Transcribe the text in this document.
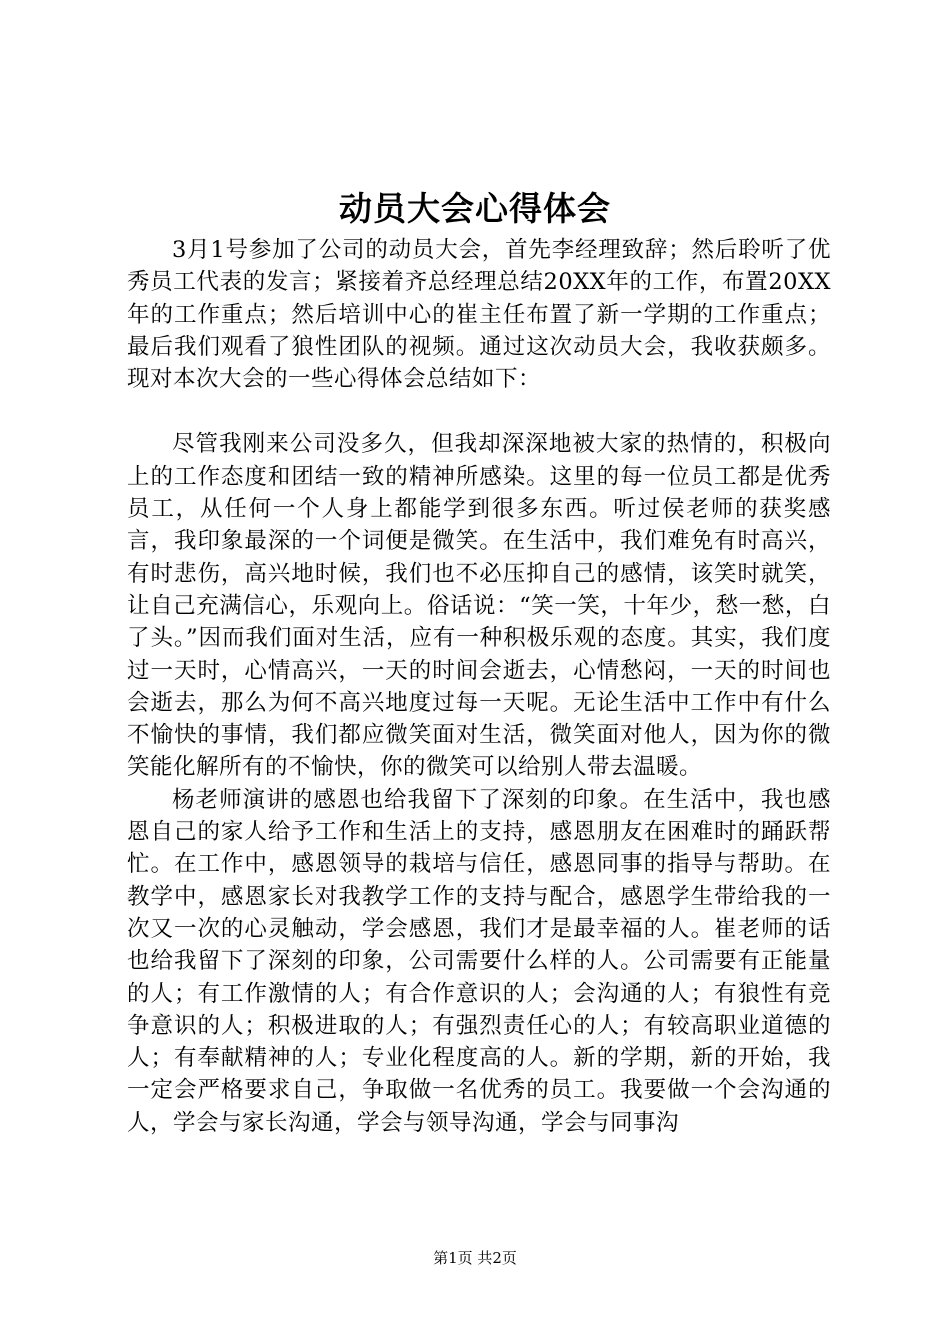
动员大会心得体会

3月1号参加了公司的动员大会，首先李经理致辞；然后聆听了优秀员工代表的发言；紧接着齐总经理总结20XX年的工作，布置20XX年的工作重点；然后培训中心的崔主任布置了新一学期的工作重点；最后我们观看了狼性团队的视频。通过这次动员大会，我收获颇多。现对本次大会的一些心得体会总结如下：

尽管我刚来公司没多久，但我却深深地被大家的热情的，积极向上的工作态度和团结一致的精神所感染。这里的每一位员工都是优秀员工，从任何一个人身上都能学到很多东西。听过侯老师的获奖感言，我印象最深的一个词便是微笑。在生活中，我们难免有时高兴，有时悲伤，高兴地时候，我们也不必压抑自己的感情，该笑时就笑，让自己充满信心，乐观向上。俗话说：“笑一笑，十年少，愁一愁，白了头。”因而我们面对生活，应有一种积极乐观的态度。其实，我们度过一天时，心情高兴，一天的时间会逝去，心情愁闷，一天的时间也会逝去，那么为何不高兴地度过每一天呢。无论生活中工作中有什么不愉快的事情，我们都应微笑面对生活，微笑面对他人，因为你的微笑能化解所有的不愉快，你的微笑可以给别人带去温暖。

杨老师演讲的感恩也给我留下了深刻的印象。在生活中，我也感恩自己的家人给予工作和生活上的支持，感恩朋友在困难时的踊跃帮忙。在工作中，感恩领导的栽培与信任，感恩同事的指导与帮助。在教学中，感恩家长对我教学工作的支持与配合，感恩学生带给我的一次又一次的心灵触动，学会感恩，我们才是最幸福的人。崔老师的话也给我留下了深刻的印象，公司需要什么样的人。公司需要有正能量的人；有工作激情的人；有合作意识的人；会沟通的人；有狼性有竞争意识的人；积极进取的人；有强烈责任心的人；有较高职业道德的人；有奉献精神的人；专业化程度高的人。新的学期，新的开始，我一定会严格要求自己，争取做一名优秀的员工。我要做一个会沟通的人，学会与家长沟通，学会与领导沟通，学会与同事沟

第1页 共2页
